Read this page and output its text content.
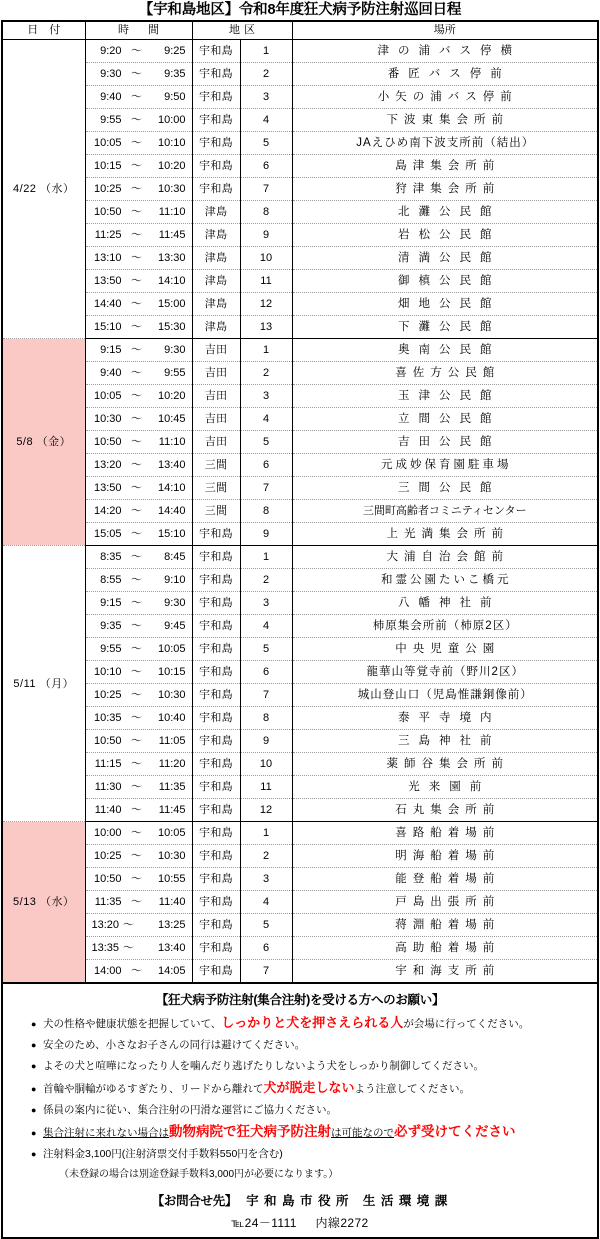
【宇和島地区】令和8年度狂犬病予防注射巡回日程
日 付	時　間	地区		場所
4/22 （水）	9:20 〜 9:25	宇和島	1	津の浦バス停横

	9:30 〜 9:35	宇和島	2	番匠バス停前

	9:40 〜 9:50	宇和島	3	小矢の浦バス停前

	9:55 〜 10:00	宇和島	4	下波東集会所前

	10:05 〜 10:10	宇和島	5	JAえひめ南下波支所前（結出）

	10:15 〜 10:20	宇和島	6	島津集会所前

	10:25 〜 10:30	宇和島	7	狩津集会所前

	10:50 〜 11:10	津島	8	北灘公民館

	11:25 〜 11:45	津島	9	岩松公民館

	13:10 〜 13:30	津島	10	清満公民館

	13:50 〜 14:10	津島	11	御槙公民館

	14:40 〜 15:00	津島	12	畑地公民館

	15:10 〜 15:30	津島	13	下灘公民館

5/8 （金）	9:15 〜 9:30	吉田	1	奥南公民館

	9:40 〜 9:55	吉田	2	喜佐方公民館

	10:05 〜 10:20	吉田	3	玉津公民館

	10:30 〜 10:45	吉田	4	立間公民館

	10:50 〜 11:10	吉田	5	吉田公民館

	13:20 〜 13:40	三間	6	元成妙保育園駐車場

	13:50 〜 14:10	三間	7	三間公民館

	14:20 〜 14:40	三間	8	三間町高齢者コミニティセンター

	15:05 〜 15:10	宇和島	9	上光満集会所前

5/11 （月）	8:35 〜 8:45	宇和島	1	大浦自治会館前

	8:55 〜 9:10	宇和島	2	和霊公園たいこ橋元

	9:15 〜 9:30	宇和島	3	八幡神社前

	9:35 〜 9:45	宇和島	4	柿原集会所前（柿原2区）

	9:55 〜 10:05	宇和島	5	中央児童公園

	10:10 〜 10:15	宇和島	6	龍華山等覚寺前（野川2区）

	10:25 〜 10:30	宇和島	7	城山登山口（児島惟謙銅像前）

	10:35 〜 10:40	宇和島	8	泰平寺境内

	10:50 〜 11:05	宇和島	9	三島神社前

	11:15 〜 11:20	宇和島	10	薬師谷集会所前

	11:30 〜 11:35	宇和島	11	光来園前

	11:40 〜 11:45	宇和島	12	石丸集会所前

5/13 （水）	10:00 〜 10:05	宇和島	1	喜路船着場前

	10:25 〜 10:30	宇和島	2	明海船着場前

	10:50 〜 10:55	宇和島	3	能登船着場前

	11:35 〜 11:40	宇和島	4	戸島出張所前

	13:20 〜 13:25	宇和島	5	蒋淵船着場前

	13:35 〜 13:40	宇和島	6	高助船着場前

	14:00 〜 14:05	宇和島	7	宇和海支所前
【狂犬病予防注射(集合注射)を受ける方へのお願い】
● 犬の性格や健康状態を把握していて、しっかりと犬を押さえられる人が会場に行ってください。
● 安全のため、小さなお子さんの同行は避けてください。
● よその犬と喧嘩になったり人を噛んだり逃げたりしないよう犬をしっかり制御してください。
● 首輪や胴輪がゆるすぎたり、リードから離れて犬が脱走しないよう注意してください。
● 係員の案内に従い、集合注射の円滑な運営にご協力ください。
● 集合注射に来れない場合は動物病院で狂犬病予防注射は可能なので必ず受けてください
● 注射料金3,100円(注射済票交付手数料550円を含む)
（未登録の場合は別途登録手数料3,000円が必要になります。）
【お問合せ先】 宇 和 島 市 役 所 生 活 環 境 課
℡24－1111 内線2272
